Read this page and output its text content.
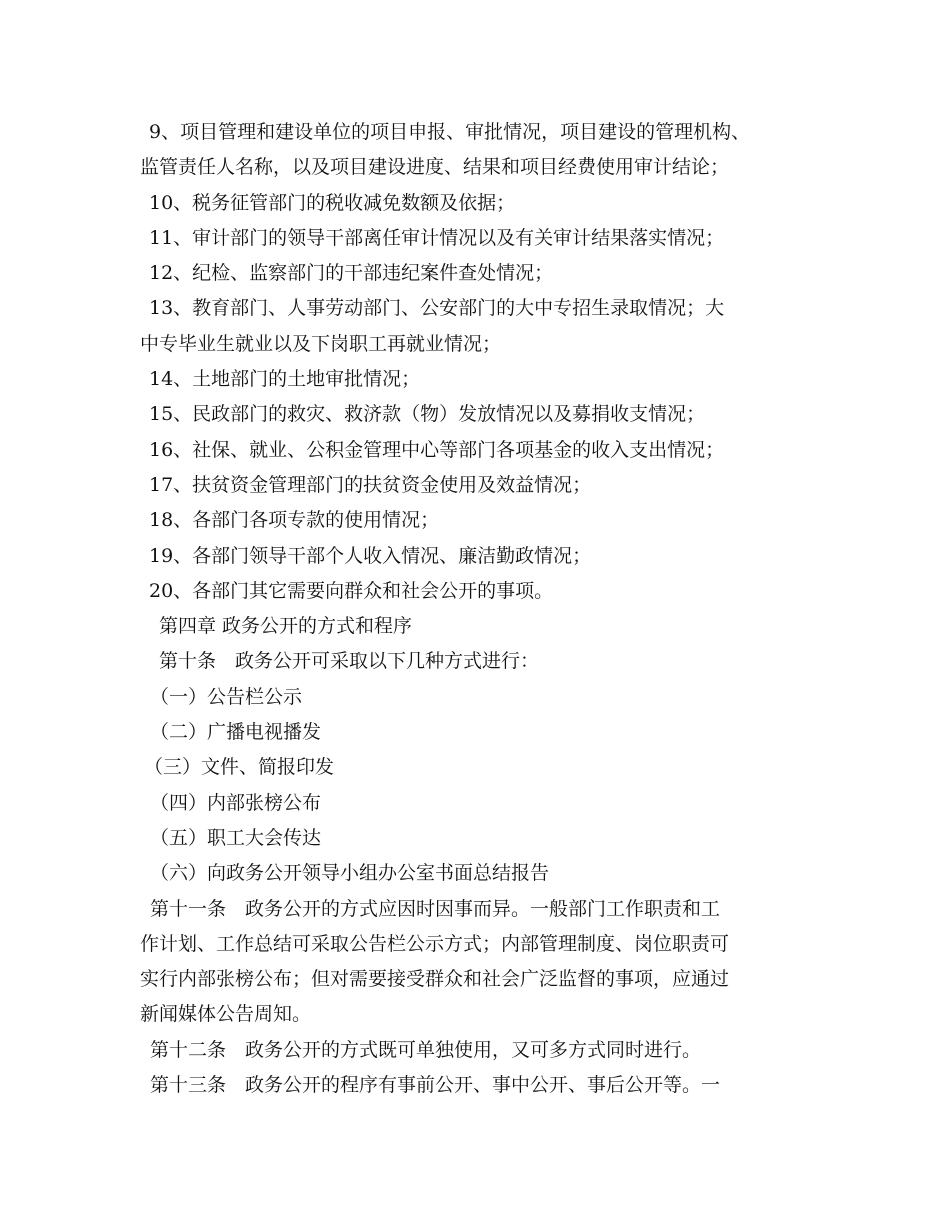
9、项目管理和建设单位的项目申报、审批情况，项目建设的管理机构、
监管责任人名称，以及项目建设进度、结果和项目经费使用审计结论；
10、税务征管部门的税收减免数额及依据；
11、审计部门的领导干部离任审计情况以及有关审计结果落实情况；
12、纪检、监察部门的干部违纪案件查处情况；
13、教育部门、人事劳动部门、公安部门的大中专招生录取情况；大
中专毕业生就业以及下岗职工再就业情况；
14、土地部门的土地审批情况；
15、民政部门的救灾、救济款（物）发放情况以及募捐收支情况；
16、社保、就业、公积金管理中心等部门各项基金的收入支出情况；
17、扶贫资金管理部门的扶贫资金使用及效益情况；
18、各部门各项专款的使用情况；
19、各部门领导干部个人收入情况、廉洁勤政情况；
20、各部门其它需要向群众和社会公开的事项。
第四章 政务公开的方式和程序
第十条　政务公开可采取以下几种方式进行：
（一）公告栏公示
（二）广播电视播发
（三）文件、简报印发
（四）内部张榜公布
（五）职工大会传达
（六）向政务公开领导小组办公室书面总结报告
第十一条　政务公开的方式应因时因事而异。一般部门工作职责和工
作计划、工作总结可采取公告栏公示方式；内部管理制度、岗位职责可
实行内部张榜公布；但对需要接受群众和社会广泛监督的事项，应通过
新闻媒体公告周知。
第十二条　政务公开的方式既可单独使用，又可多方式同时进行。
第十三条　政务公开的程序有事前公开、事中公开、事后公开等。一
